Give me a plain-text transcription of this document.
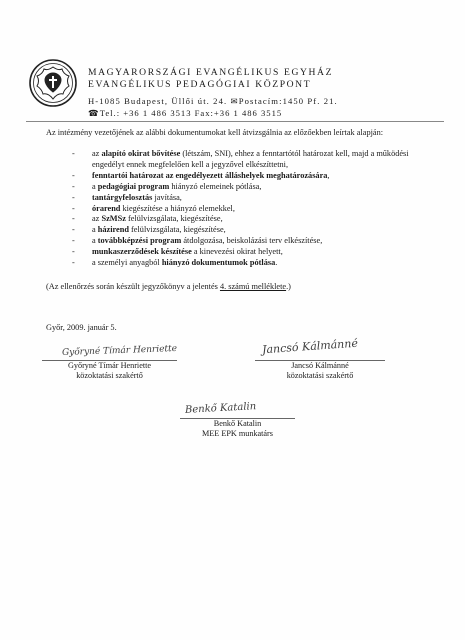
MAGYARORSZÁGI EVANGÉLIKUS EGYHÁZ
EVANGÉLIKUS PEDAGÓGIAI KÖZPONT
H-1085 Budapest, Üllői út. 24. ✉Postacím:1450 Pf. 21.
☎Tel.: +36 1 486 3513 Fax:+36 1 486 3515
Az intézmény vezetőjének az alábbi dokumentumokat kell átvizsgálnia az előzőekben leírtak alapján:
- az alapító okirat bővítése (létszám, SNI), ehhez a fenntartótól határozat kell, majd a működési engedélyt ennek megfelelően kell a jegyzővel elkészíttetni,
- fenntartói határozat az engedélyezett álláshelyek meghatározására,
- a pedagógiai program hiányzó elemeinek pótlása,
- tantárgyfelosztás javítása,
- órarend kiegészítése a hiányzó elemekkel,
- az SzMSz felülvizsgálata, kiegészítése,
- a házirend felülvizsgálata, kiegészítése,
- a továbbképzési program átdolgozása, beiskolázási terv elkészítése,
- munkaszerződések készítése a kinevezési okirat helyett,
- a személyi anyagból hiányzó dokumentumok pótlása.
(Az ellenőrzés során készült jegyzőkönyv a jelentés 4. számú melléklete.)
Győr, 2009. január 5.
Győryné Tímár Henriette
Győryné Tímár Henriette
közoktatási szakértő
Jancsó Kálmánné
Jancsó Kálmánné
közoktatási szakértő
Benkő Katalin
Benkő Katalin
MEE EPK munkatárs
